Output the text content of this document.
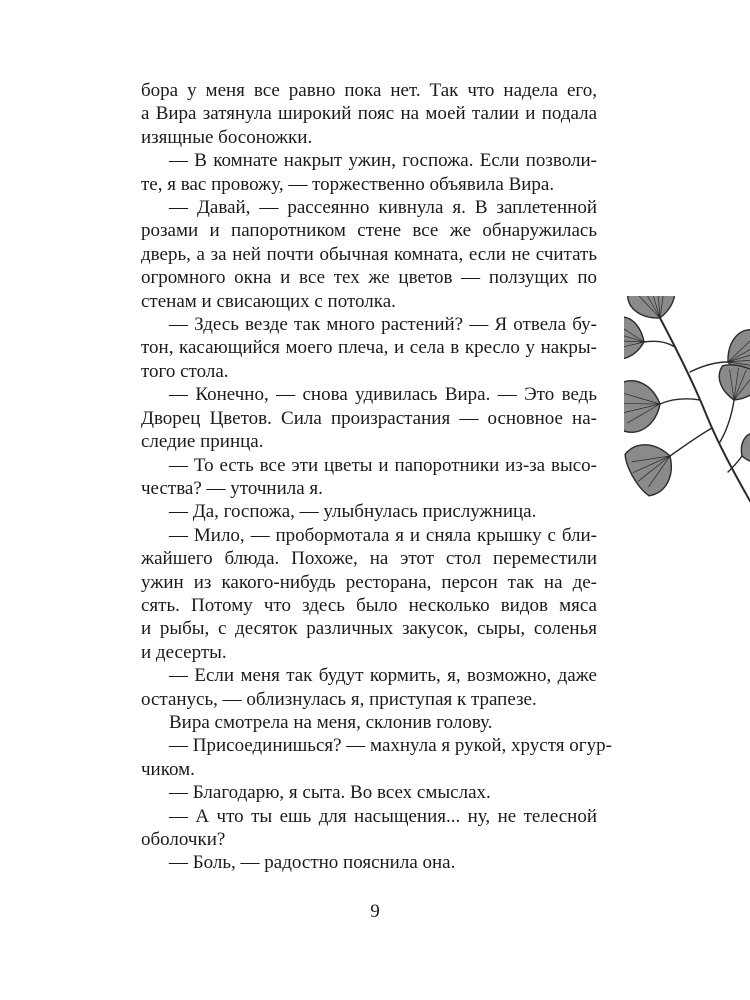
бора у меня все равно пока нет. Так что надела его,
а Вира затянула широкий пояс на моей талии и подала
изящные босоножки.
— В комнате накрыт ужин, госпожа. Если позволи-
те, я вас провожу, — торжественно объявила Вира.
— Давай, — рассеянно кивнула я. В заплетенной
розами и папоротником стене все же обнаружилась
дверь, а за ней почти обычная комната, если не считать
огромного окна и все тех же цветов — ползущих по
стенам и свисающих с потолка.
— Здесь везде так много растений? — Я отвела бу-
тон, касающийся моего плеча, и села в кресло у накры-
того стола.
— Конечно, — снова удивилась Вира. — Это ведь
Дворец Цветов. Сила произрастания — основное на-
следие принца.
— То есть все эти цветы и папоротники из-за высо-
чества? — уточнила я.
— Да, госпожа, — улыбнулась прислужница.
— Мило, — пробормотала я и сняла крышку с бли-
жайшего блюда. Похоже, на этот стол переместили
ужин из какого-нибудь ресторана, персон так на де-
сять. Потому что здесь было несколько видов мяса
и рыбы, с десяток различных закусок, сыры, соленья
и десерты.
— Если меня так будут кормить, я, возможно, даже
останусь, — облизнулась я, приступая к трапезе.
Вира смотрела на меня, склонив голову.
— Присоединишься? — махнула я рукой, хрустя огур-
чиком.
— Благодарю, я сыта. Во всех смыслах.
— А что ты ешь для насыщения... ну, не телесной
оболочки?
— Боль, — радостно пояснила она.
9
